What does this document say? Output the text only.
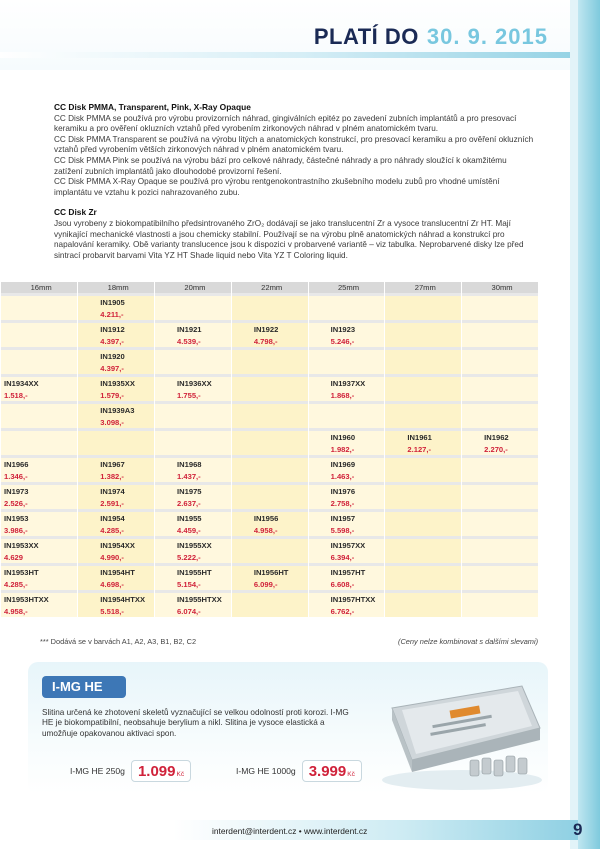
PLATÍ DO 30. 9. 2015
CC Disk PMMA, Transparent, Pink, X-Ray Opaque

CC Disk PMMA se používá pro výrobu provizorních náhrad, gingiválních epitéz po zavedení zubních implantátů a pro presovací keramiku a pro ověření okluzních vztahů před vyrobením zirkonových náhrad v plném anatomickém tvaru.

CC Disk PMMA Transparent se používá na výrobu litých a anatomických konstrukcí, pro presovací keramiku a pro ověření okluzních vztahů před vyrobením větších zirkonových náhrad v plném anatomickém tvaru.

CC Disk PMMA Pink se používá na výrobu bází pro celkové náhrady, částečné náhrady a pro náhrady sloužící k okamžitému zatížení zubních implantátů jako dlouhodobé provizorní řešení.

CC Disk PMMA X-Ray Opaque se používá pro výrobu rentgenokontrastního zkušebního modelu zubů pro vhodné umístění implantátu ve vztahu k pozici nahrazovaného zubu.

CC Disk Zr

Jsou vyrobeny z biokompatibilního předsintrovaného ZrO₂ dodávají se jako translucentní Zr a vysoce translucentní Zr HT. Mají vynikající mechanické vlastnosti a jsou chemicky stabilní. Používají se na výrobu plně anatomických náhrad a konstrukcí pro napalování keramiky. Obě varianty translucence jsou k dispozici v probarvené variantě – viz tabulka. Neprobarvené disky lze před sintrací probarvit barvami Vita YZ HT Shade liquid nebo Vita YZ T Coloring liquid.

16mm	18mm	20mm	22mm	25mm	27mm	30mm

	IN1905					
	4.211,-					

	IN1912	IN1921	IN1922	IN1923		
	4.397,-	4.539,-	4.798,-	5.246,-		

	IN1920					
	4.397,-					

IN1934XX	IN1935XX	IN1936XX		IN1937XX		
1.518,-	1.579,-	1.755,-		1.868,-		

	IN1939A3					
	3.098,-					

				IN1960	IN1961	IN1962
				1.982,-	2.127,-	2.270,-

IN1966	IN1967	IN1968		IN1969		
1.346,-	1.382,-	1.437,-		1.463,-		

IN1973	IN1974	IN1975		IN1976		
2.526,-	2.591,-	2.637,-		2.758,-		

IN1953	IN1954	IN1955	IN1956	IN1957		
3.986,-	4.285,-	4.459,-	4.958,-	5.598,-		

IN1953XX	IN1954XX	IN1955XX		IN1957XX		
4.629	4.990,-	5.222,-		6.394,-		

IN1953HT	IN1954HT	IN1955HT	IN1956HT	IN1957HT		
4.285,-	4.698,-	5.154,-	6.099,-	6.608,-		

IN1953HTXX	IN1954HTXX	IN1955HTXX		IN1957HTXX		
4.958,-	5.518,-	6.074,-		6.762,-		
*** Dodává se v barvách A1, A2, A3, B1, B2, C2	(Ceny nelze kombinovat s dalšími slevami)
I-MG HE
Slitina určená ke zhotovení skeletů vyznačující se velkou odolností proti korozi. I-MG HE je biokompatibilní, neobsahuje berylium a nikl. Slitina je vysoce elastická a umožňuje opakovanou aktivaci spon.
I-MG HE 250g 1.099 Kč	I-MG HE 1000g 3.999 Kč
interdent@interdent.cz • www.interdent.cz	9
